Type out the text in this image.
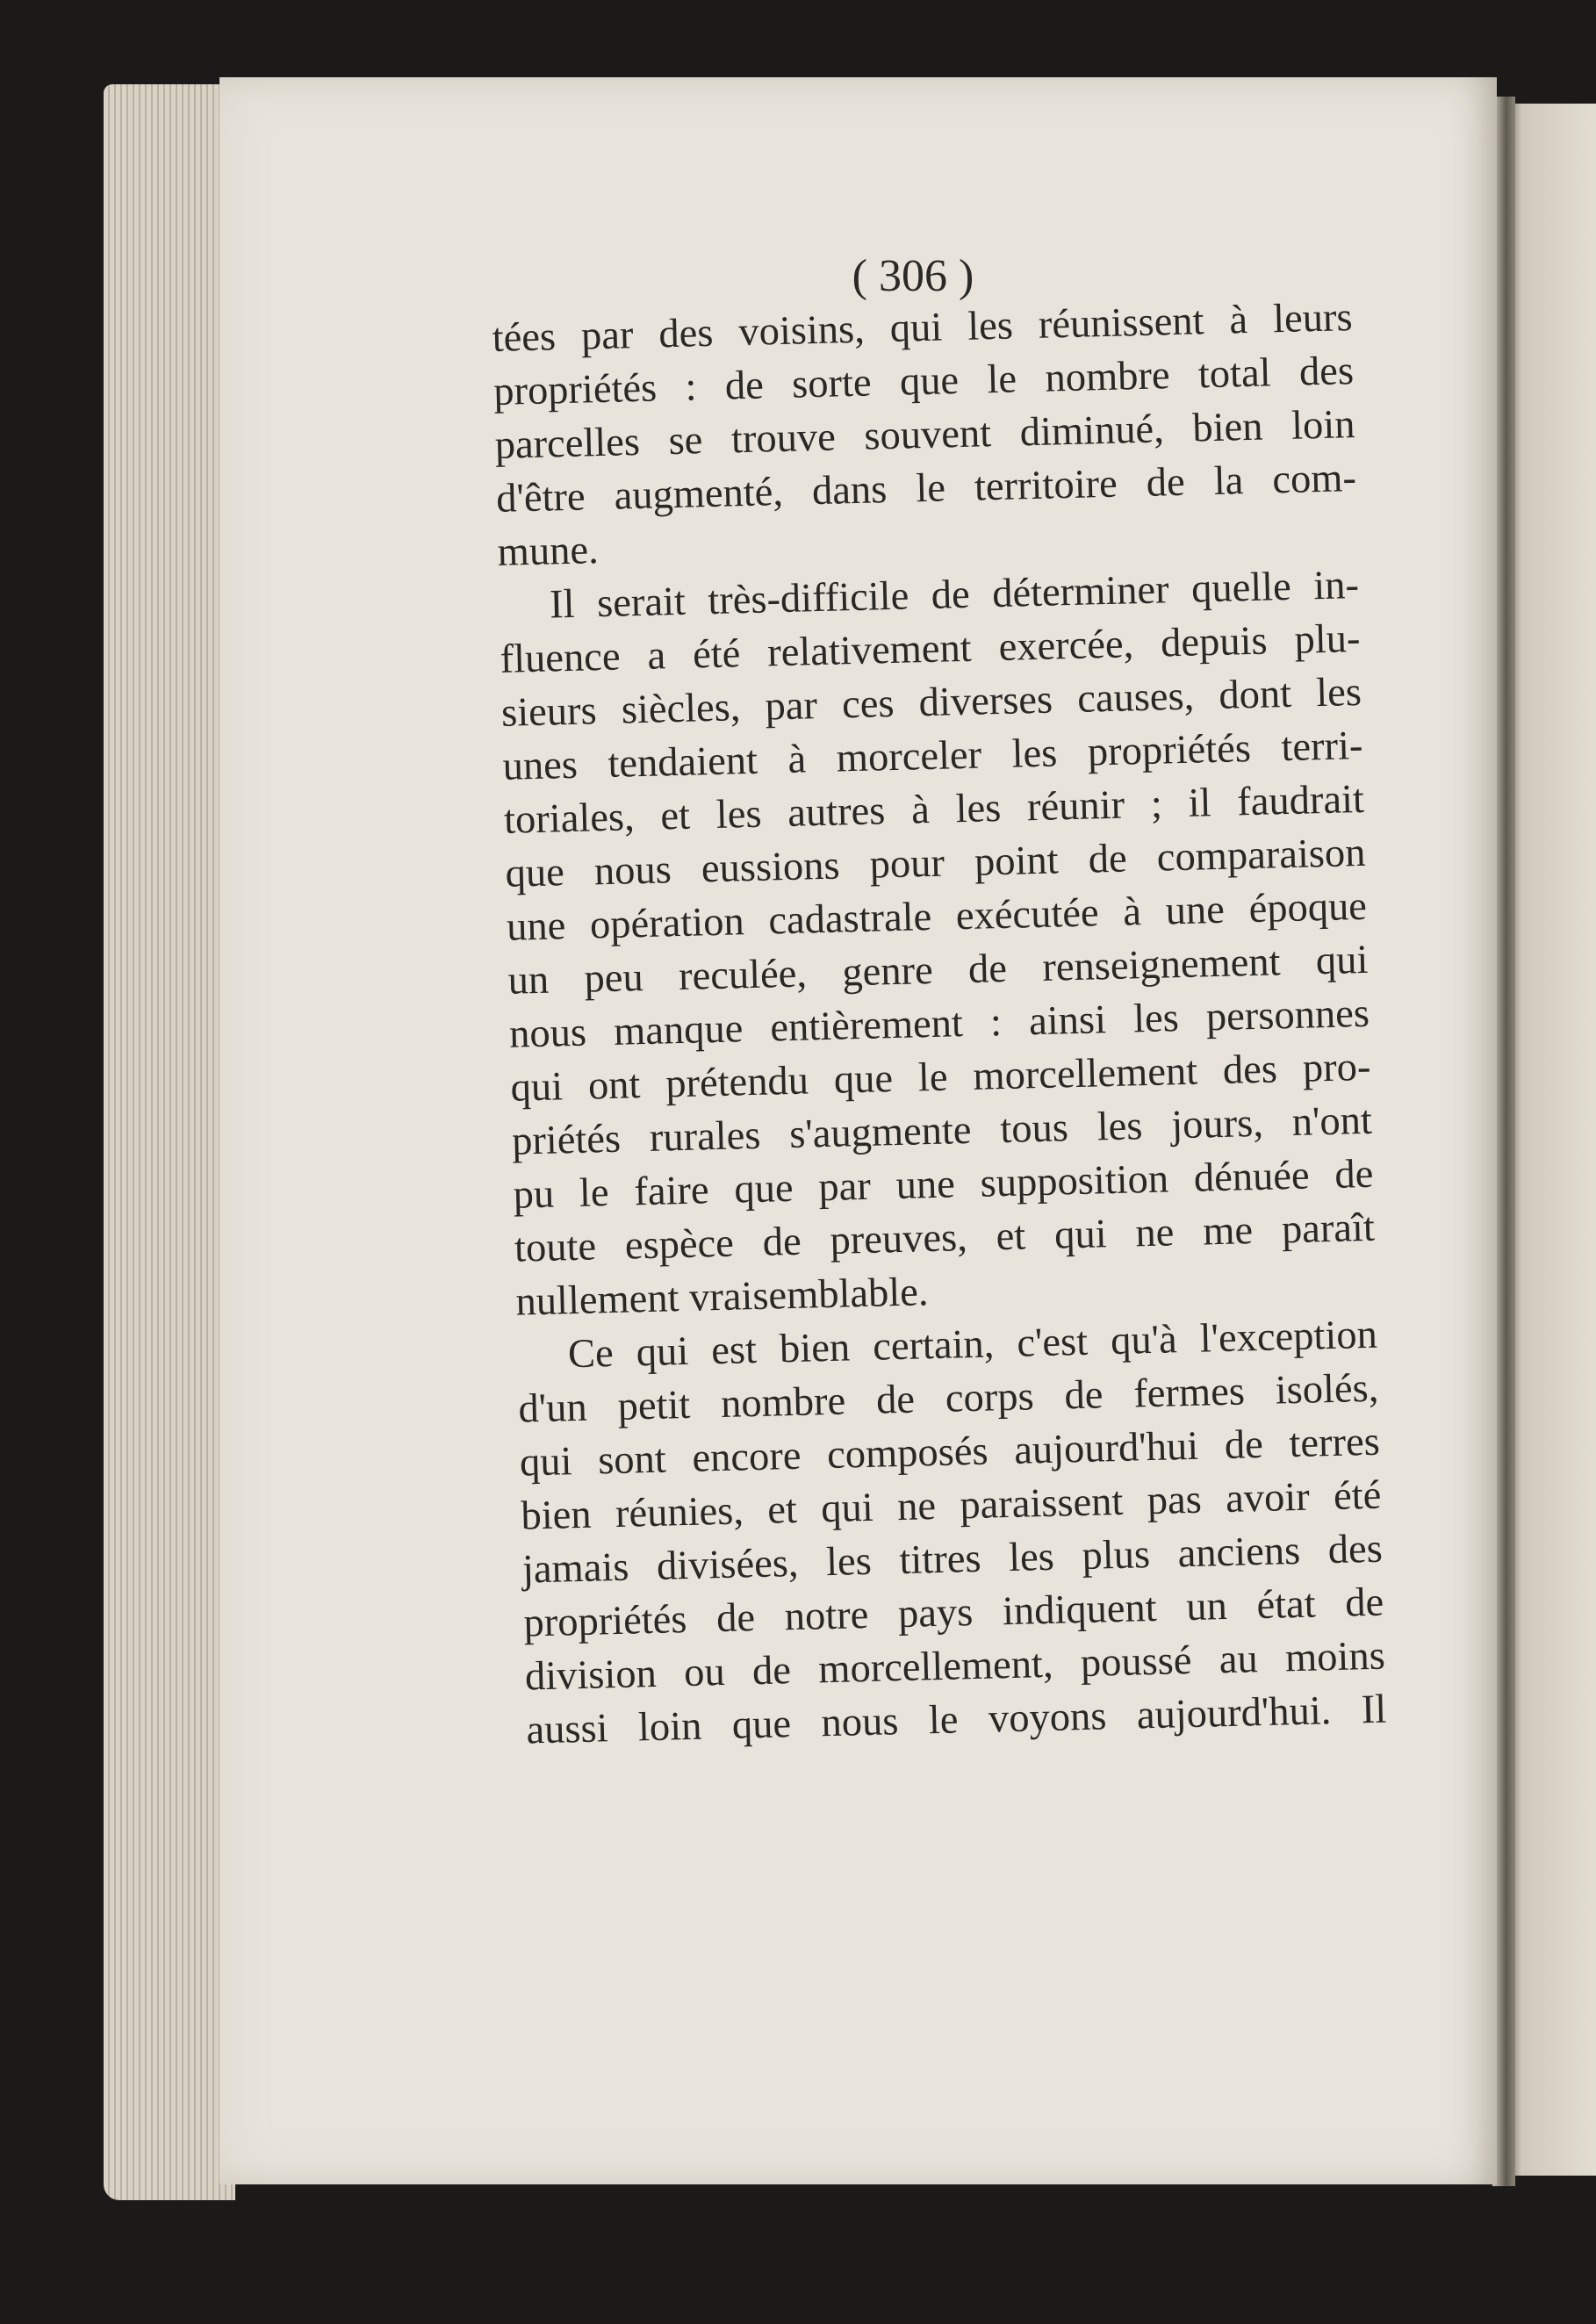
( 306 )
tées par des voisins, qui les réunissent à leurs
propriétés : de sorte que le nombre total des
parcelles se trouve souvent diminué, bien loin
d'être augmenté, dans le territoire de la com-
mune.
Il serait très-difficile de déterminer quelle in-
fluence a été relativement exercée, depuis plu-
sieurs siècles, par ces diverses causes, dont les
unes tendaient à morceler les propriétés terri-
toriales, et les autres à les réunir ; il faudrait
que nous eussions pour point de comparaison
une opération cadastrale exécutée à une époque
un peu reculée, genre de renseignement qui
nous manque entièrement : ainsi les personnes
qui ont prétendu que le morcellement des pro-
priétés rurales s'augmente tous les jours, n'ont
pu le faire que par une supposition dénuée de
toute espèce de preuves, et qui ne me paraît
nullement vraisemblable.
Ce qui est bien certain, c'est qu'à l'exception
d'un petit nombre de corps de fermes isolés,
qui sont encore composés aujourd'hui de terres
bien réunies, et qui ne paraissent pas avoir été
jamais divisées, les titres les plus anciens des
propriétés de notre pays indiquent un état de
division ou de morcellement, poussé au moins
aussi loin que nous le voyons aujourd'hui. Il
